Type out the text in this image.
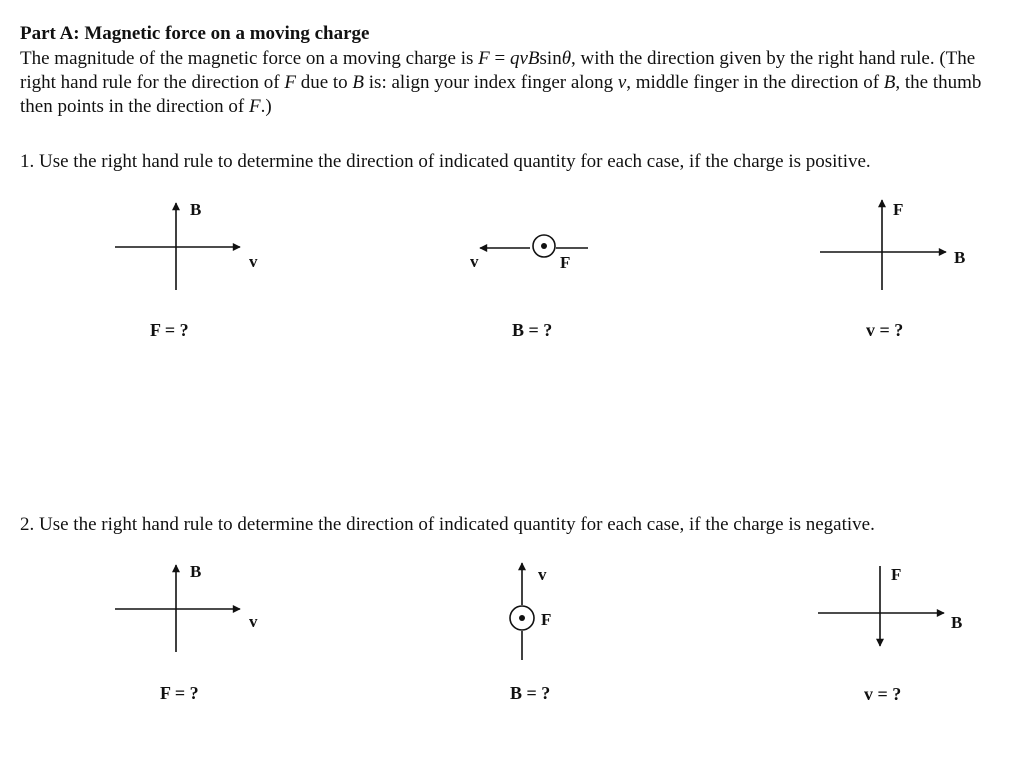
Part A: Magnetic force on a moving charge
The magnitude of the magnetic force on a moving charge is F = qvBsinθ, with the direction given by the right hand rule. (The right hand rule for the direction of F due to B is: align your index finger along v, middle finger in the direction of B, the thumb then points in the direction of F.)
1. Use the right hand rule to determine the direction of indicated quantity for each case, if the charge is positive.
2. Use the right hand rule to determine the direction of indicated quantity for each case, if the charge is negative.
B
v
F = ?
v	F
B = ?
F
B
v = ?
B
v
F = ?
v
F
B = ?
F
B
v = ?
